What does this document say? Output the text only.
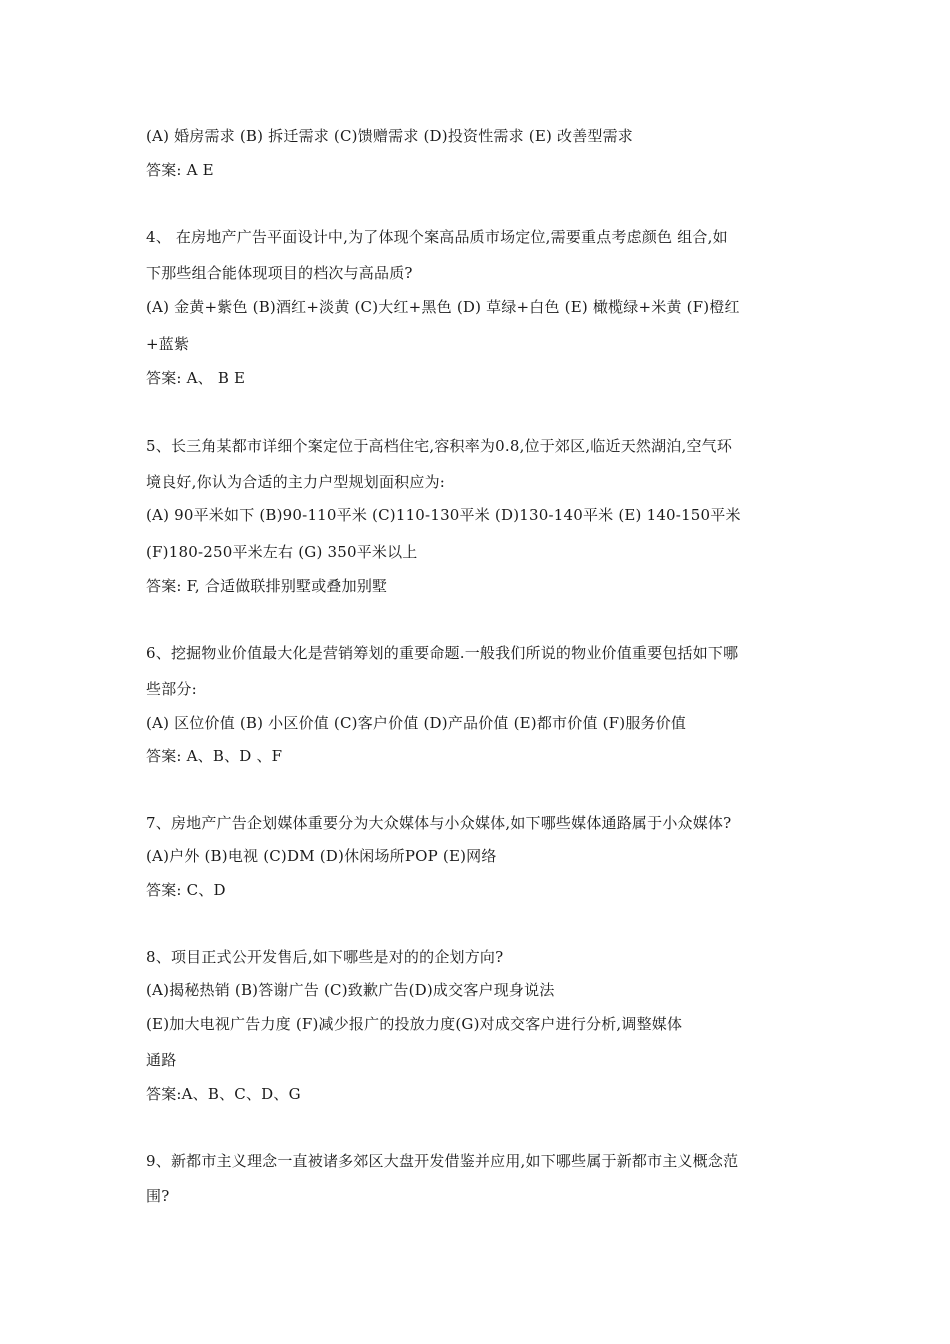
(A) 婚房需求 (B) 拆迁需求 (C)馈赠需求 (D)投资性需求 (E) 改善型需求
答案: A E
4、 在房地产广告平面设计中,为了体现个案高品质市场定位,需要重点考虑颜色 组合,如
下那些组合能体现项目的档次与高品质?
(A) 金黄+紫色 (B)酒红+淡黄 (C)大红+黑色 (D) 草绿+白色 (E) 橄榄绿+米黄 (F)橙红
+蓝紫
答案: A、 B E
5、长三角某都市详细个案定位于高档住宅,容积率为0.8,位于郊区,临近天然湖泊,空气环
境良好,你认为合适的主力户型规划面积应为:
(A) 90平米如下 (B)90-110平米 (C)110-130平米 (D)130-140平米 (E) 140-150平米
(F)180-250平米左右 (G) 350平米以上
答案: F, 合适做联排别墅或叠加别墅
6、挖掘物业价值最大化是营销筹划的重要命题.一般我们所说的物业价值重要包括如下哪
些部分:
(A) 区位价值 (B) 小区价值 (C)客户价值 (D)产品价值 (E)都市价值 (F)服务价值
答案: A、B、D 、F
7、房地产广告企划媒体重要分为大众媒体与小众媒体,如下哪些媒体通路属于小众媒体?
(A)户外 (B)电视 (C)DM (D)休闲场所POP (E)网络
答案: C、D
8、项目正式公开发售后,如下哪些是对的的企划方向?
(A)揭秘热销 (B)答谢广告 (C)致歉广告(D)成交客户现身说法
(E)加大电视广告力度 (F)减少报广的投放力度(G)对成交客户进行分析,调整媒体
通路
答案:A、B、C、D、G
9、新都市主义理念一直被诸多郊区大盘开发借鉴并应用,如下哪些属于新都市主义概念范
围?
